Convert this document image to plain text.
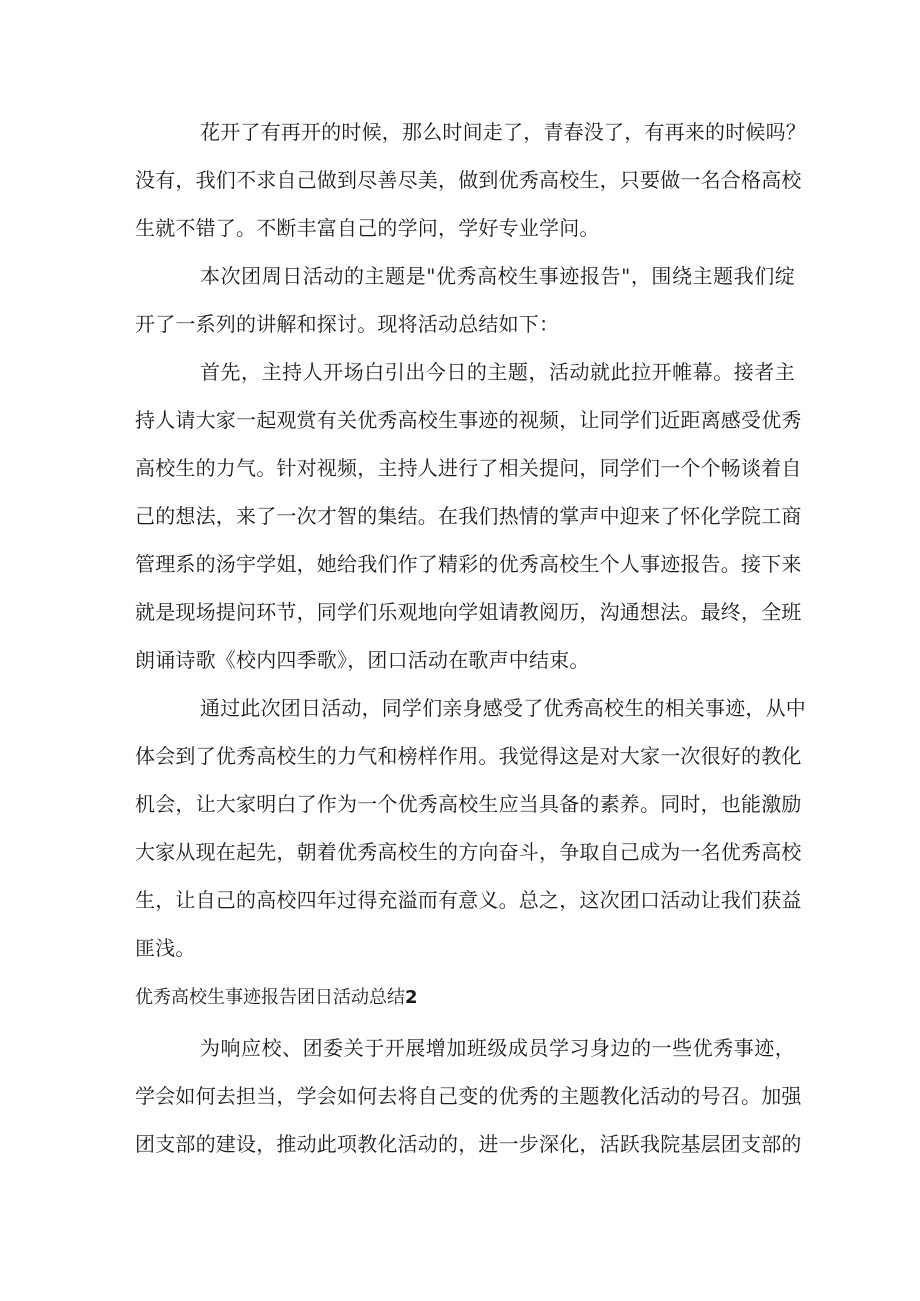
花开了有再开的时候，那么时间走了，青春没了，有再来的时候吗？
没有，我们不求自己做到尽善尽美，做到优秀高校生，只要做一名合格高校
生就不错了。不断丰富自己的学问，学好专业学问。
本次团周日活动的主题是"优秀高校生事迹报告"，围绕主题我们绽
开了一系列的讲解和探讨。现将活动总结如下：
首先，主持人开场白引出今日的主题，活动就此拉开帷幕。接者主
持人请大家一起观赏有关优秀高校生事迹的视频，让同学们近距离感受优秀
高校生的力气。针对视频，主持人进行了相关提问，同学们一个个畅谈着自
己的想法，来了一次才智的集结。在我们热情的掌声中迎来了怀化学院工商
管理系的汤宇学姐，她给我们作了精彩的优秀高校生个人事迹报告。接下来
就是现场提问环节，同学们乐观地向学姐请教阅历，沟通想法。最终，全班
朗诵诗歌《校内四季歌》，团口活动在歌声中结束。
通过此次团日活动，同学们亲身感受了优秀高校生的相关事迹，从中
体会到了优秀高校生的力气和榜样作用。我觉得这是对大家一次很好的教化
机会，让大家明白了作为一个优秀高校生应当具备的素养。同时，也能激励
大家从现在起先，朝着优秀高校生的方向奋斗，争取自己成为一名优秀高校
生，让自己的高校四年过得充溢而有意义。总之，这次团口活动让我们获益
匪浅。
优秀高校生事迹报告团日活动总结2
为响应校、团委关于开展增加班级成员学习身边的一些优秀事迹，
学会如何去担当，学会如何去将自己变的优秀的主题教化活动的号召。加强
团支部的建设，推动此项教化活动的，进一步深化，活跃我院基层团支部的
